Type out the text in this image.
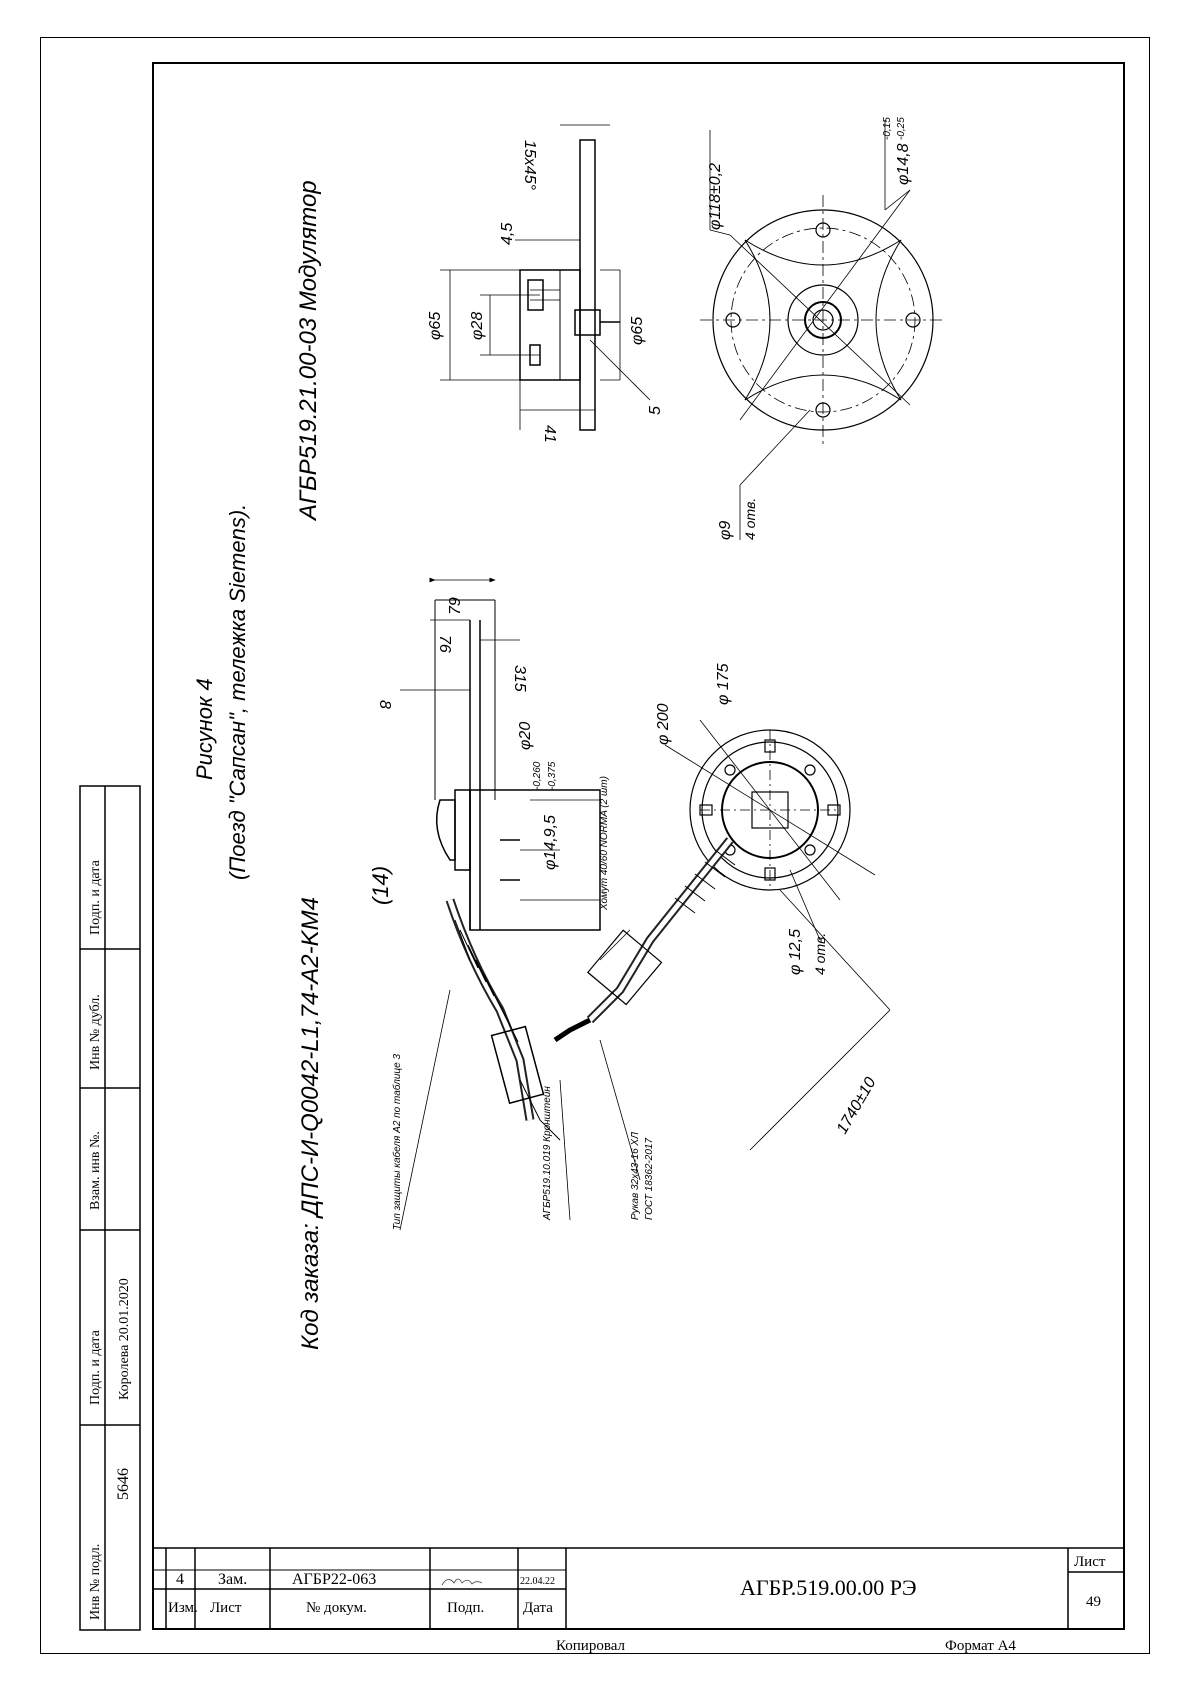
Рисунок 4 (Поезд "Сапсан", тележка Siemens).
Код заказа: ДПС-И-Q0042-L1,74-A2-KM4
(14)
АГБР519.21.00-03 Модулятор
79
76
315
8
φ20
φ14,9,5
-0,260 -0,375
φ 200
φ 175
φ 12,5 4 отв.
1740±10
Хомут 40/60 NORMA (2 шт)
Тип защиты кабеля A2 по таблице 3	АГБР519.10.019 Кронштейн	Рукав 32х43-16 ХЛ ГОСТ 18362-2017
15x45°
4,5
φ65 φ28	φ65
5
41
φ118±0,2	φ14,8
-0,15 -0,25
φ9 4 отв.
Инв № подл.
5646
Подп. и дата Королева 20.01.2020
Взам. инв №.
Инв № дубл.
Подп. и дата
4 Зам.	АГБР22-063	22.04.22
Изм. Лист	№ докум.	Подп.	Дата
АГБР.519.00.00 РЭ
Лист
49
Копировал	Формат А4
